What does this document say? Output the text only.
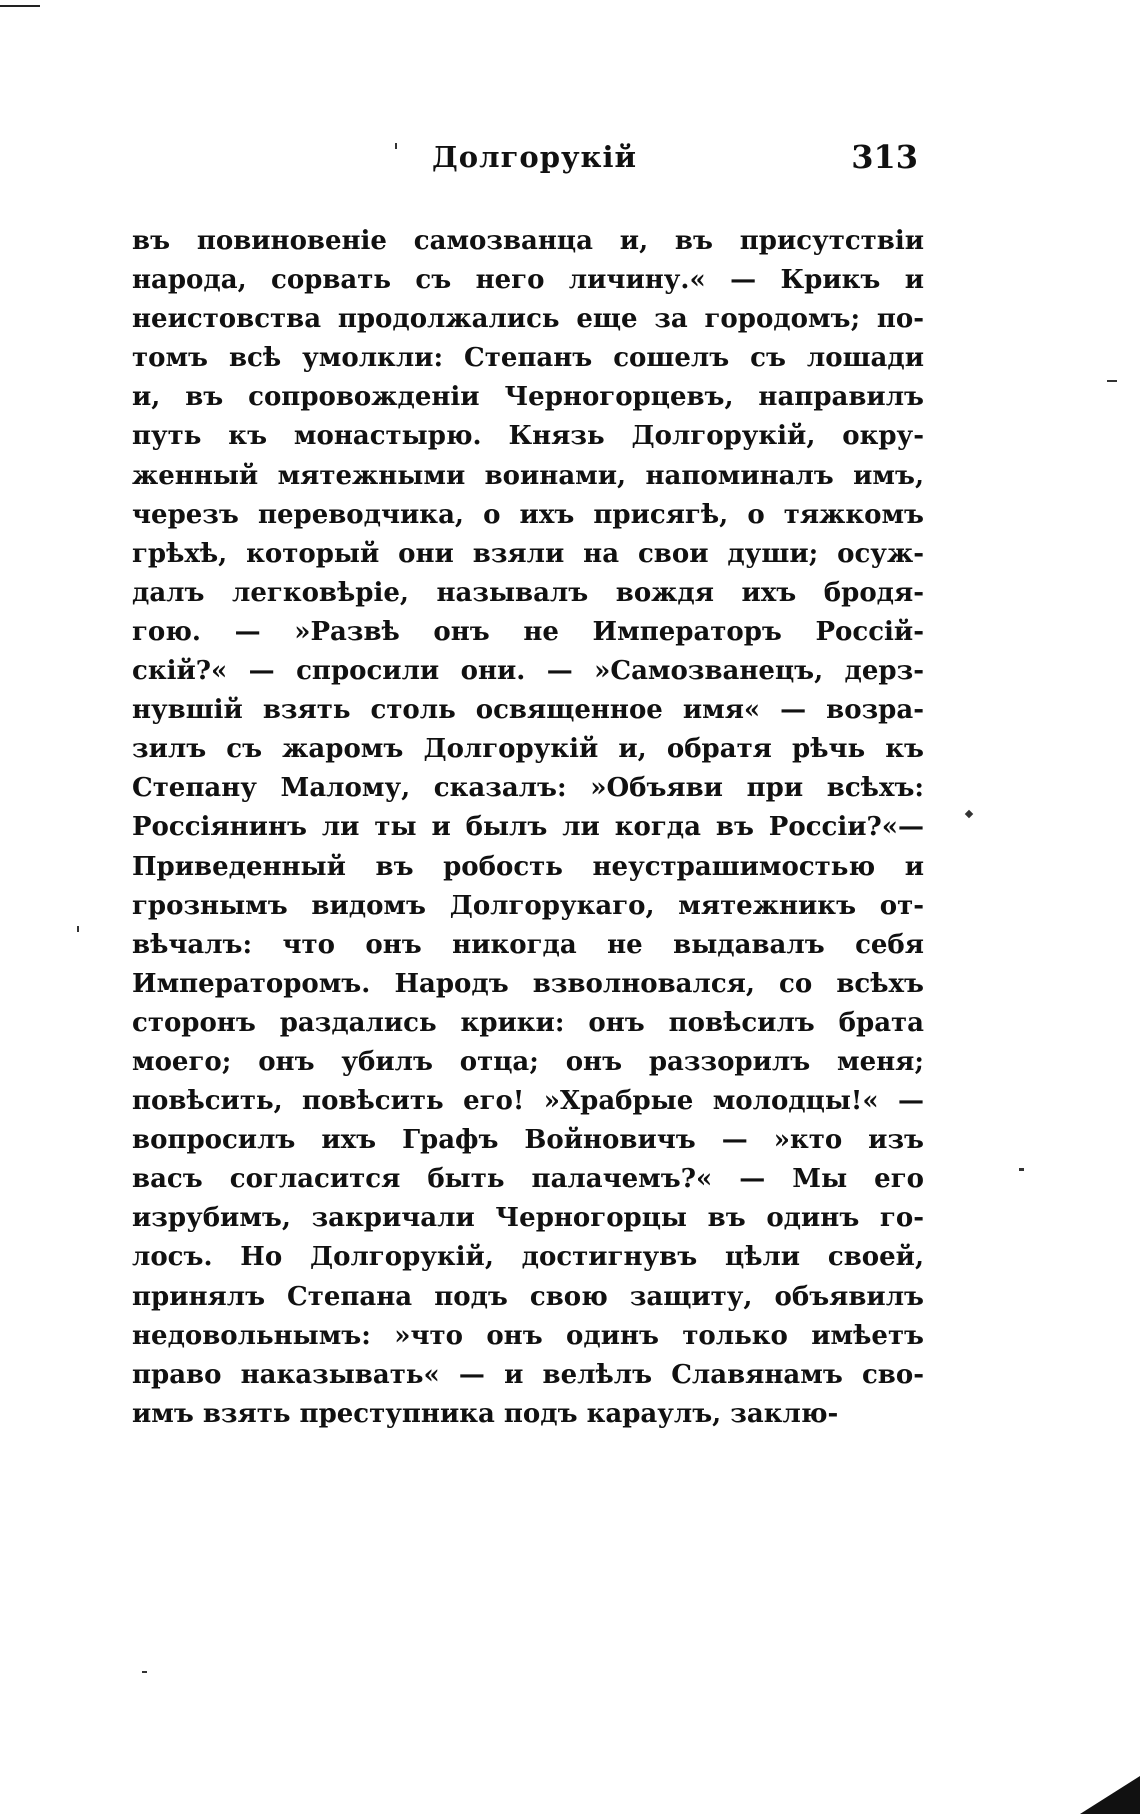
Долгорукій	313
въ повиновеніе самозванца и, въ присутствіи
народа, сорвать съ него личину.« — Крикъ и
неистовства продолжались еще за городомъ; по-
томъ всѣ умолкли: Степанъ сошелъ съ лошади
и, въ сопровожденіи Черногорцевъ, направилъ
путь къ монастырю. Князь Долгорукій, окру-
женный мятежными воинами, напоминалъ имъ,
черезъ переводчика, о ихъ присягѣ, о тяжкомъ
грѣхѣ, который они взяли на свои души; осуж-
далъ легковѣріе, называлъ вождя ихъ бродя-
гою. — »Развѣ онъ не Императоръ Россій-
скій?« — спросили они. — »Самозванецъ, дерз-
нувшій взять столь освященное имя« — возра-
зилъ съ жаромъ Долгорукій и, обратя рѣчь къ
Степану Малому, сказалъ: »Объяви при всѣхъ:
Россіянинъ ли ты и былъ ли когда въ Россіи?«—
Приведенный въ робость неустрашимостью и
грознымъ видомъ Долгорукаго, мятежникъ от-
вѣчалъ: что онъ никогда не выдавалъ себя
Императоромъ. Народъ взволновался, со всѣхъ
сторонъ раздались крики: онъ повѣсилъ брата
моего; онъ убилъ отца; онъ раззорилъ меня;
повѣсить, повѣсить его! »Храбрые молодцы!« —
вопросилъ ихъ Графъ Войновичъ — »кто изъ
васъ согласится быть палачемъ?« — Мы его
изрубимъ, закричали Черногорцы въ одинъ го-
лосъ. Но Долгорукій, достигнувъ цѣли своей,
принялъ Степана подъ свою защиту, объявилъ
недовольнымъ: »что онъ одинъ только имѣетъ
право наказывать« — и велѣлъ Славянамъ сво-
имъ взять преступника подъ караулъ, заклю-
